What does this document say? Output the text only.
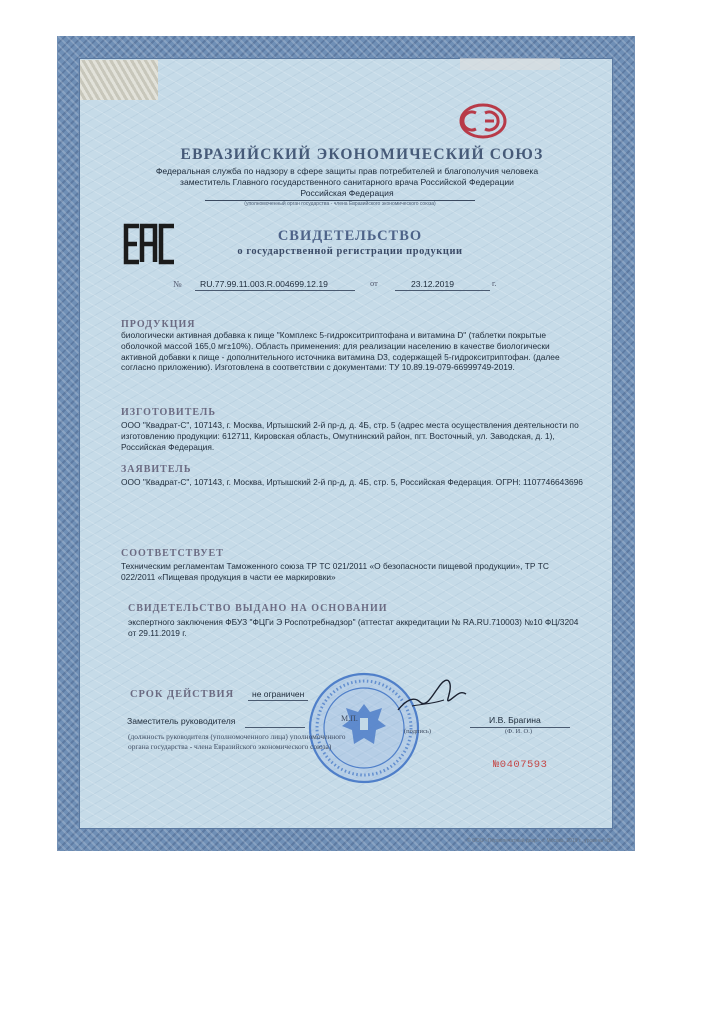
ЕВРАЗИЙСКИЙ ЭКОНОМИЧЕСКИЙ СОЮЗ
Федеральная служба по надзору в сфере защиты прав потребителей и благополучия человека
заместитель Главного государственного санитарного врача Российской Федерации
Российская Федерация
(уполномоченный орган государства - члена Евразийского экономического союза)
СВИДЕТЕЛЬСТВО
о государственной регистрации продукции
№ RU.77.99.11.003.R.004699.12.19	от	23.12.2019	г.
ПРОДУКЦИЯ
биологически активная добавка к пище "Комплекс 5-гидрокситриптофана и витамина D" (таблетки покрытые оболочкой массой 165,0 мг±10%). Область применения: для реализации населению в качестве биологически активной добавки к пище - дополнительного источника витамина D3, содержащей 5-гидрокситриптофан. (далее согласно приложению). Изготовлена в соответствии с документами: ТУ 10.89.19-079-66999749-2019.
ИЗГОТОВИТЕЛЬ
ООО "Квадрат-С", 107143, г. Москва, Иртышский 2-й пр-д, д. 4Б, стр. 5 (адрес места осуществления деятельности по изготовлению продукции: 612711, Кировская область, Омутнинский район, пгт. Восточный, ул. Заводская, д. 1), Российская Федерация.
ЗАЯВИТЕЛЬ
ООО "Квадрат-С", 107143, г. Москва, Иртышский 2-й пр-д, д. 4Б, стр. 5, Российская Федерация. ОГРН: 1107746643696
СООТВЕТСТВУЕТ
Техническим регламентам Таможенного союза ТР ТС 021/2011 «О безопасности пищевой продукции», ТР ТС 022/2011 «Пищевая продукция в части ее маркировки»
СВИДЕТЕЛЬСТВО ВЫДАНО НА ОСНОВАНИИ
экспертного заключения ФБУЗ "ФЦГи Э Роспотребнадзор" (аттестат аккредитации № RA.RU.710003) №10 ФЦ/3204 от 29.11.2019 г.
СРОК ДЕЙСТВИЯ не ограничен
Заместитель руководителя
(должность руководителя (уполномоченного лица) уполномоченного органа государства - члена Евразийского экономического союза)
М.П.
(подпись)
И.В. Брагина
(Ф. И. О.)
№0407593
© ООО «Первопечатный двор», г. Москва, 2019 г., уровень «В»
